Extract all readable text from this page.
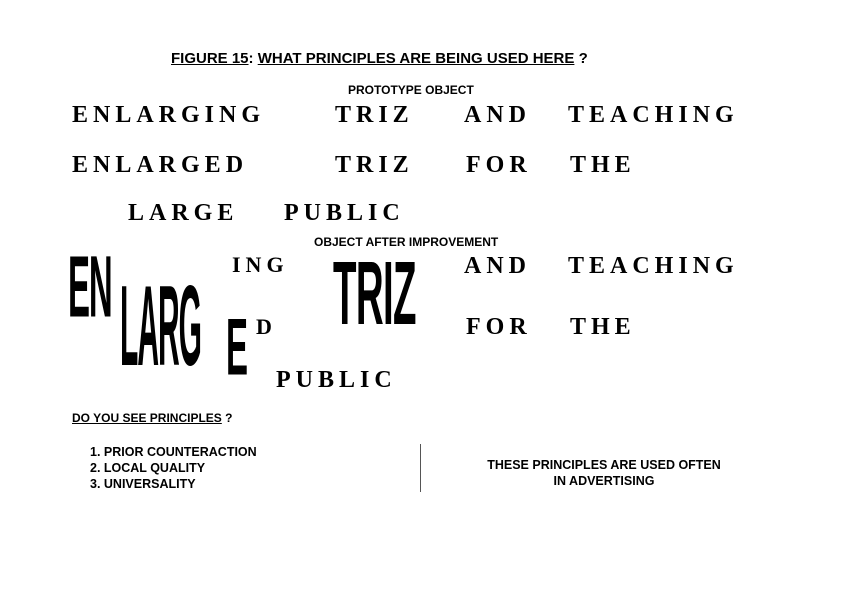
FIGURE 15: WHAT PRINCIPLES ARE BEING USED HERE ?
PROTOTYPE OBJECT
ENLARGING	TRIZ AND TEACHING
ENLARGED	TRIZ FOR THE
LARGE PUBLIC
OBJECT AFTER IMPROVEMENT
EN LARG E
ING
D TRIZ AND TEACHING
FOR THE
PUBLIC
DO YOU SEE PRINCIPLES ?
1. PRIOR COUNTERACTION
2. LOCAL QUALITY
3. UNIVERSALITY
THESE PRINCIPLES ARE USED OFTEN
IN ADVERTISING
